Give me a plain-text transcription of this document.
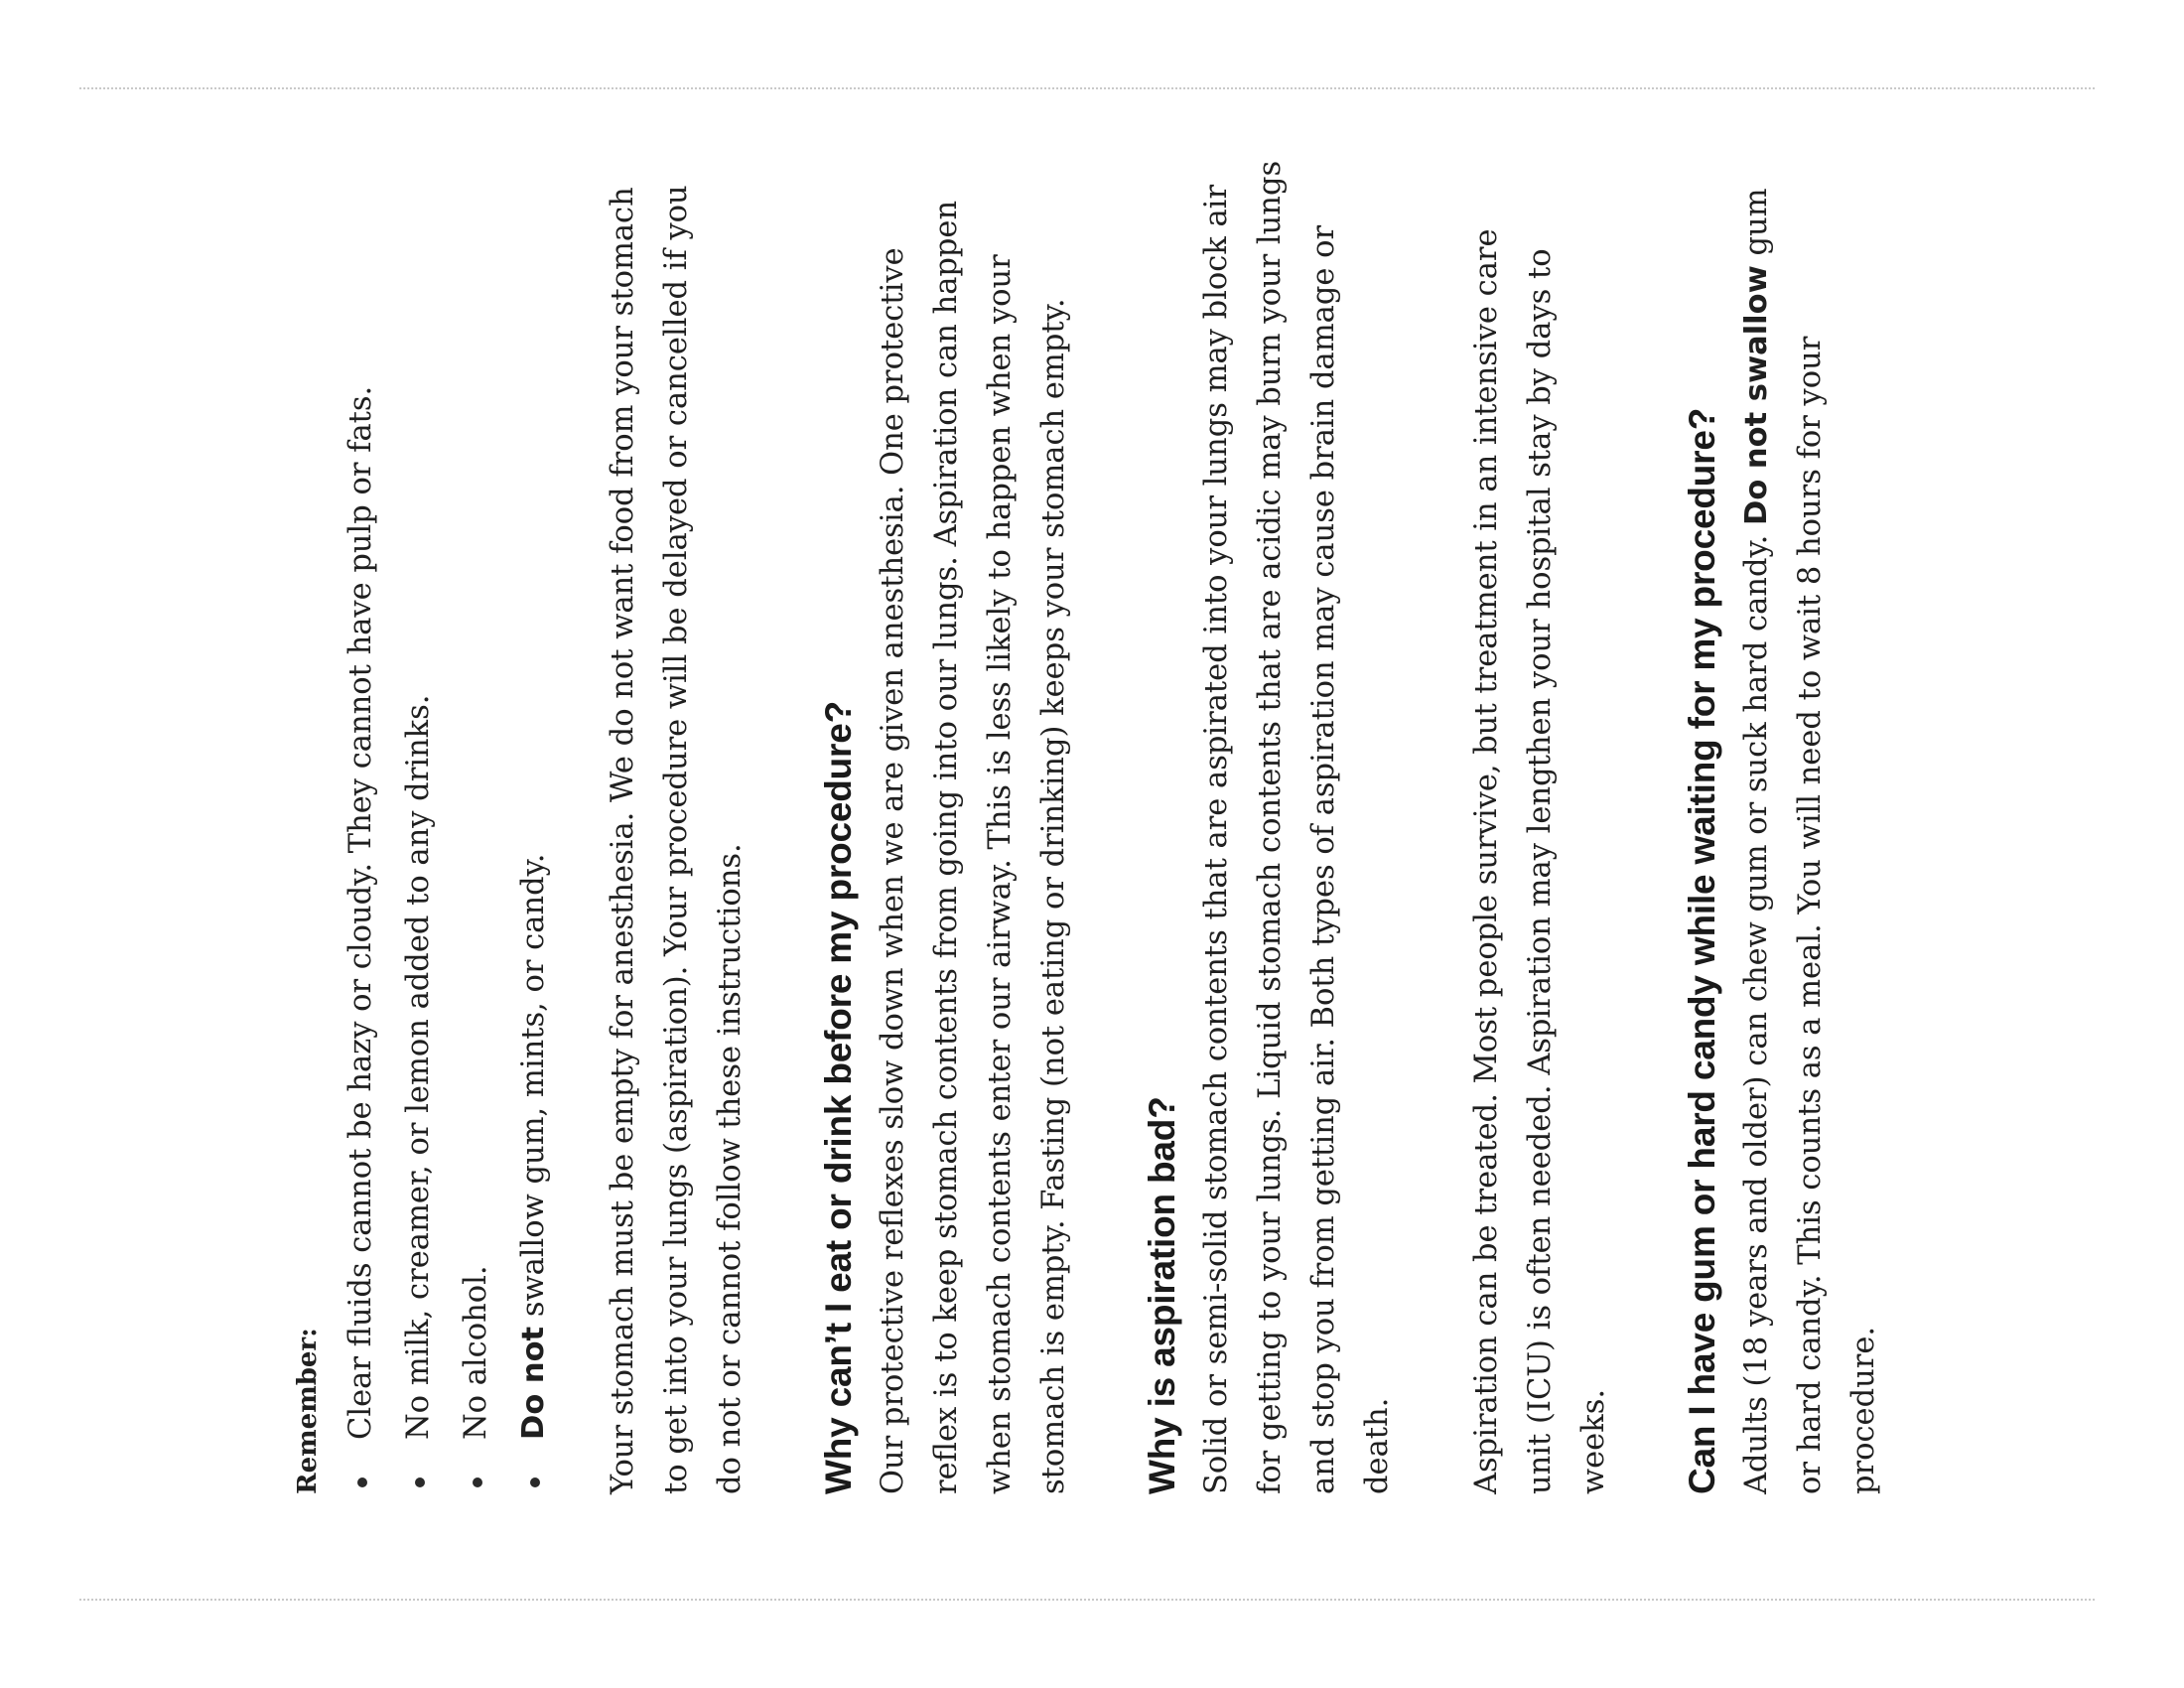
Remember: Clear fluids cannot be hazy or cloudy. They cannot have pulp or fats. No milk, creamer, or lemon added to any drinks. No alcohol. Do not swallow gum, mints, or candy.	Your stomach must be empty for anesthesia. We do not want food from your stomach to get into your lungs (aspiration). Your procedure will be delayed or cancelled if you do not or cannot follow these instructions. Why can’t I eat or drink before my procedure? Our protective reflexes slow down when we are given anesthesia. One protective reflex is to keep stomach contents from going into our lungs. Aspiration can happen when stomach contents enter our airway. This is less likely to happen when your stomach is empty. Fasting (not eating or drinking) keeps your stomach empty. Why is aspiration bad? Solid or semi-solid stomach contents that are aspirated into your lungs may block air for getting to your lungs. Liquid stomach contents that are acidic may burn your lungs and stop you from getting air. Both types of aspiration may cause brain damage or death.	Aspiration can be treated. Most people survive, but treatment in an intensive care unit (ICU) is often needed. Aspiration may lengthen your hospital stay by days to weeks. Can I have gum or hard candy while waiting for my procedure? Adults (18 years and older) can chew gum or suck hard candy. Do not swallow gum or hard candy. This counts as a meal. You will need to wait 8 hours for your procedure.
